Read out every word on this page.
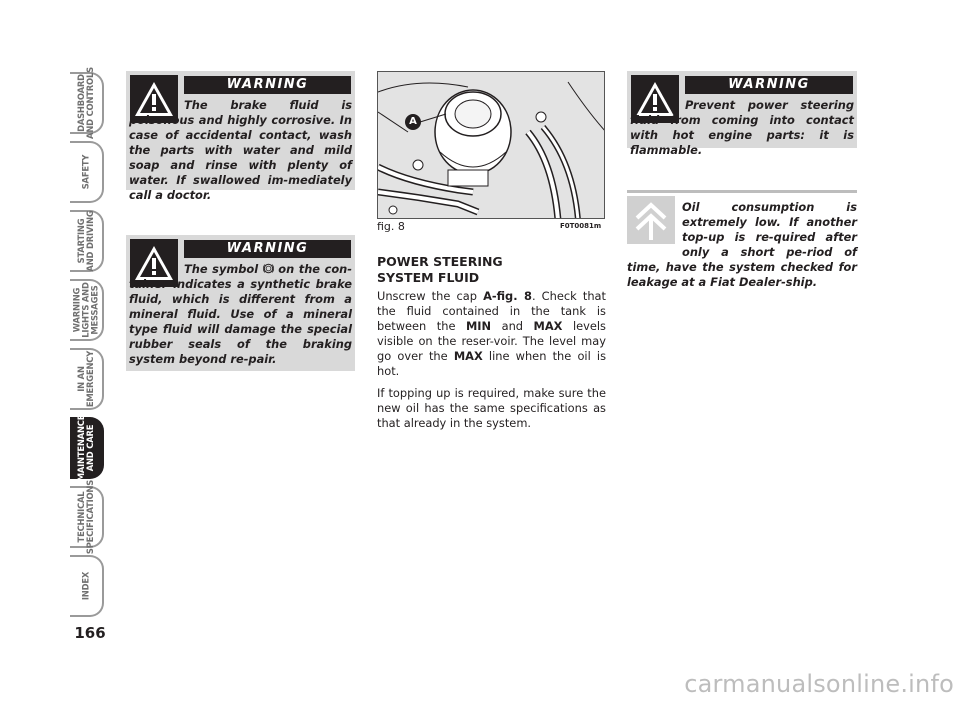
DASHBOARD
AND CONTROLS
SAFETY
STARTING
AND DRIVING
WARNING
LIGHTS AND
MESSAGES
IN AN
EMERGENCY
MAINTENANCE
AND CARE
TECHNICAL
SPECIFICATIONS
INDEX
166
WARNING
The brake fluid is poisonous and highly corrosive. In case of accidental contact, wash the parts with water and mild soap and rinse with plenty of water. If swallowed im-mediately call a doctor.
WARNING
The symbol on the con-tainer indicates a synthetic brake fluid, which is different from a mineral fluid. Use of a mineral type fluid will damage the special rubber seals of the braking system beyond re-pair.
A
fig. 8	F0T0081m
POWER STEERING
SYSTEM FLUID

Unscrew the cap A-fig. 8. Check that the fluid contained in the tank is between the MIN and MAX levels visible on the reser-voir. The level may go over the MAX line when the oil is hot.

If topping up is required, make sure the new oil has the same specifications as that already in the system.

WARNING
Prevent power steering fluid from coming into contact with hot engine parts: it is flammable.
Oil consumption is extremely low. If another top-up is re-quired after only a short pe-riod of time, have the system checked for leakage at a Fiat Dealer-ship.
carmanualsonline.info
